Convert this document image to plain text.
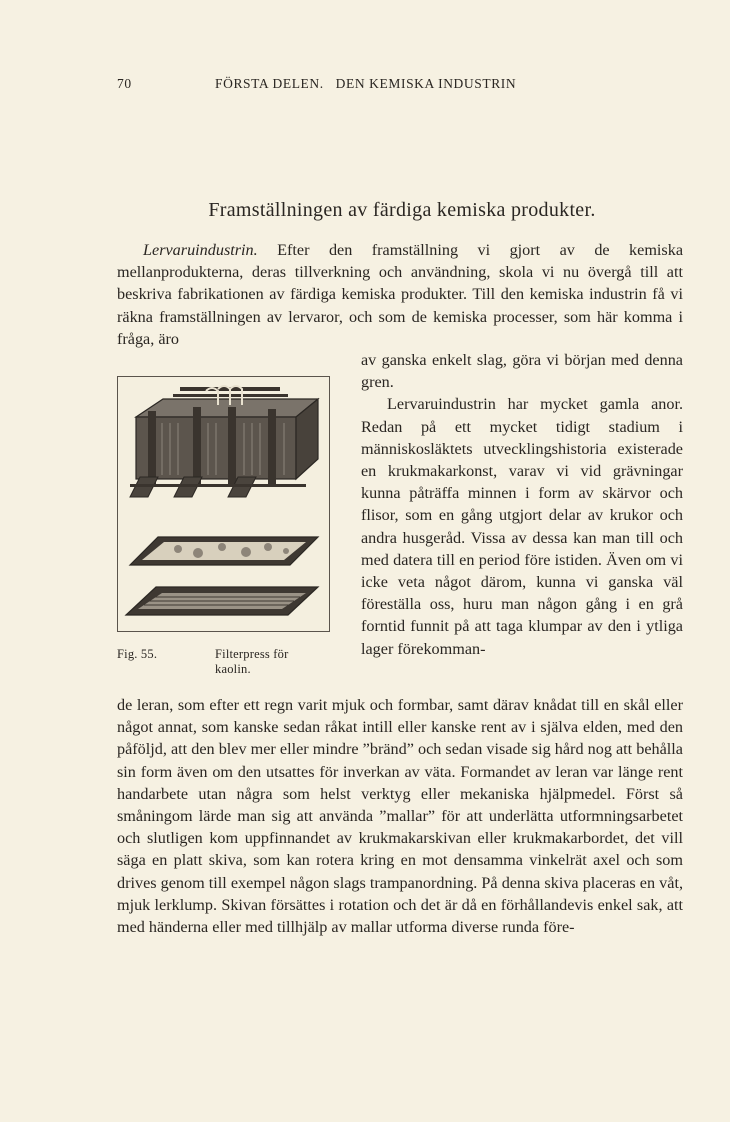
70	FÖRSTA DELEN.   DEN KEMISKA INDUSTRIN
Framställningen av färdiga kemiska produkter.

Lervaruindustrin. Efter den framställning vi gjort av de kemiska mellanprodukterna, deras tillverkning och användning, skola vi nu övergå till att beskriva fabrikationen av färdiga kemiska produkter. Till den kemiska industrin få vi räkna framställningen av lervaror, och som de kemiska processer, som här komma i fråga, äro

av ganska enkelt slag, göra vi början med denna gren.

Lervaruindustrin har mycket gamla anor. Redan på ett mycket tidigt stadium i människosläktets utvecklingshistoria existerade en krukmakarkonst, varav vi vid grävningar kunna påträffa minnen i form av skärvor och flisor, som en gång utgjort delar av krukor och andra husgeråd. Vissa av dessa kan man till och med datera till en period före istiden. Även om vi icke veta något därom, kunna vi ganska väl föreställa oss, huru man någon gång i en grå forntid funnit på att taga klumpar av den i ytliga lager förekomman-

Fig. 55.	Filterpress för kaolin.

de leran, som efter ett regn varit mjuk och formbar, samt därav knådat till en skål eller något annat, som kanske sedan råkat intill eller kanske rent av i själva elden, med den påföljd, att den blev mer eller mindre ”bränd” och sedan visade sig hård nog att behålla sin form även om den utsattes för inverkan av väta. Formandet av leran var länge rent handarbete utan några som helst verktyg eller mekaniska hjälpmedel. Först så småningom lärde man sig att använda ”mallar” för att underlätta utformningsarbetet och slutligen kom uppfinnandet av krukmakarskivan eller krukmakarbordet, det vill säga en platt skiva, som kan rotera kring en mot densamma vinkelrät axel och som drives genom till exempel någon slags trampanordning. På denna skiva placeras en våt, mjuk lerklump. Skivan försättes i rotation och det är då en förhållandevis enkel sak, att med händerna eller med tillhjälp av mallar utforma diverse runda före-
